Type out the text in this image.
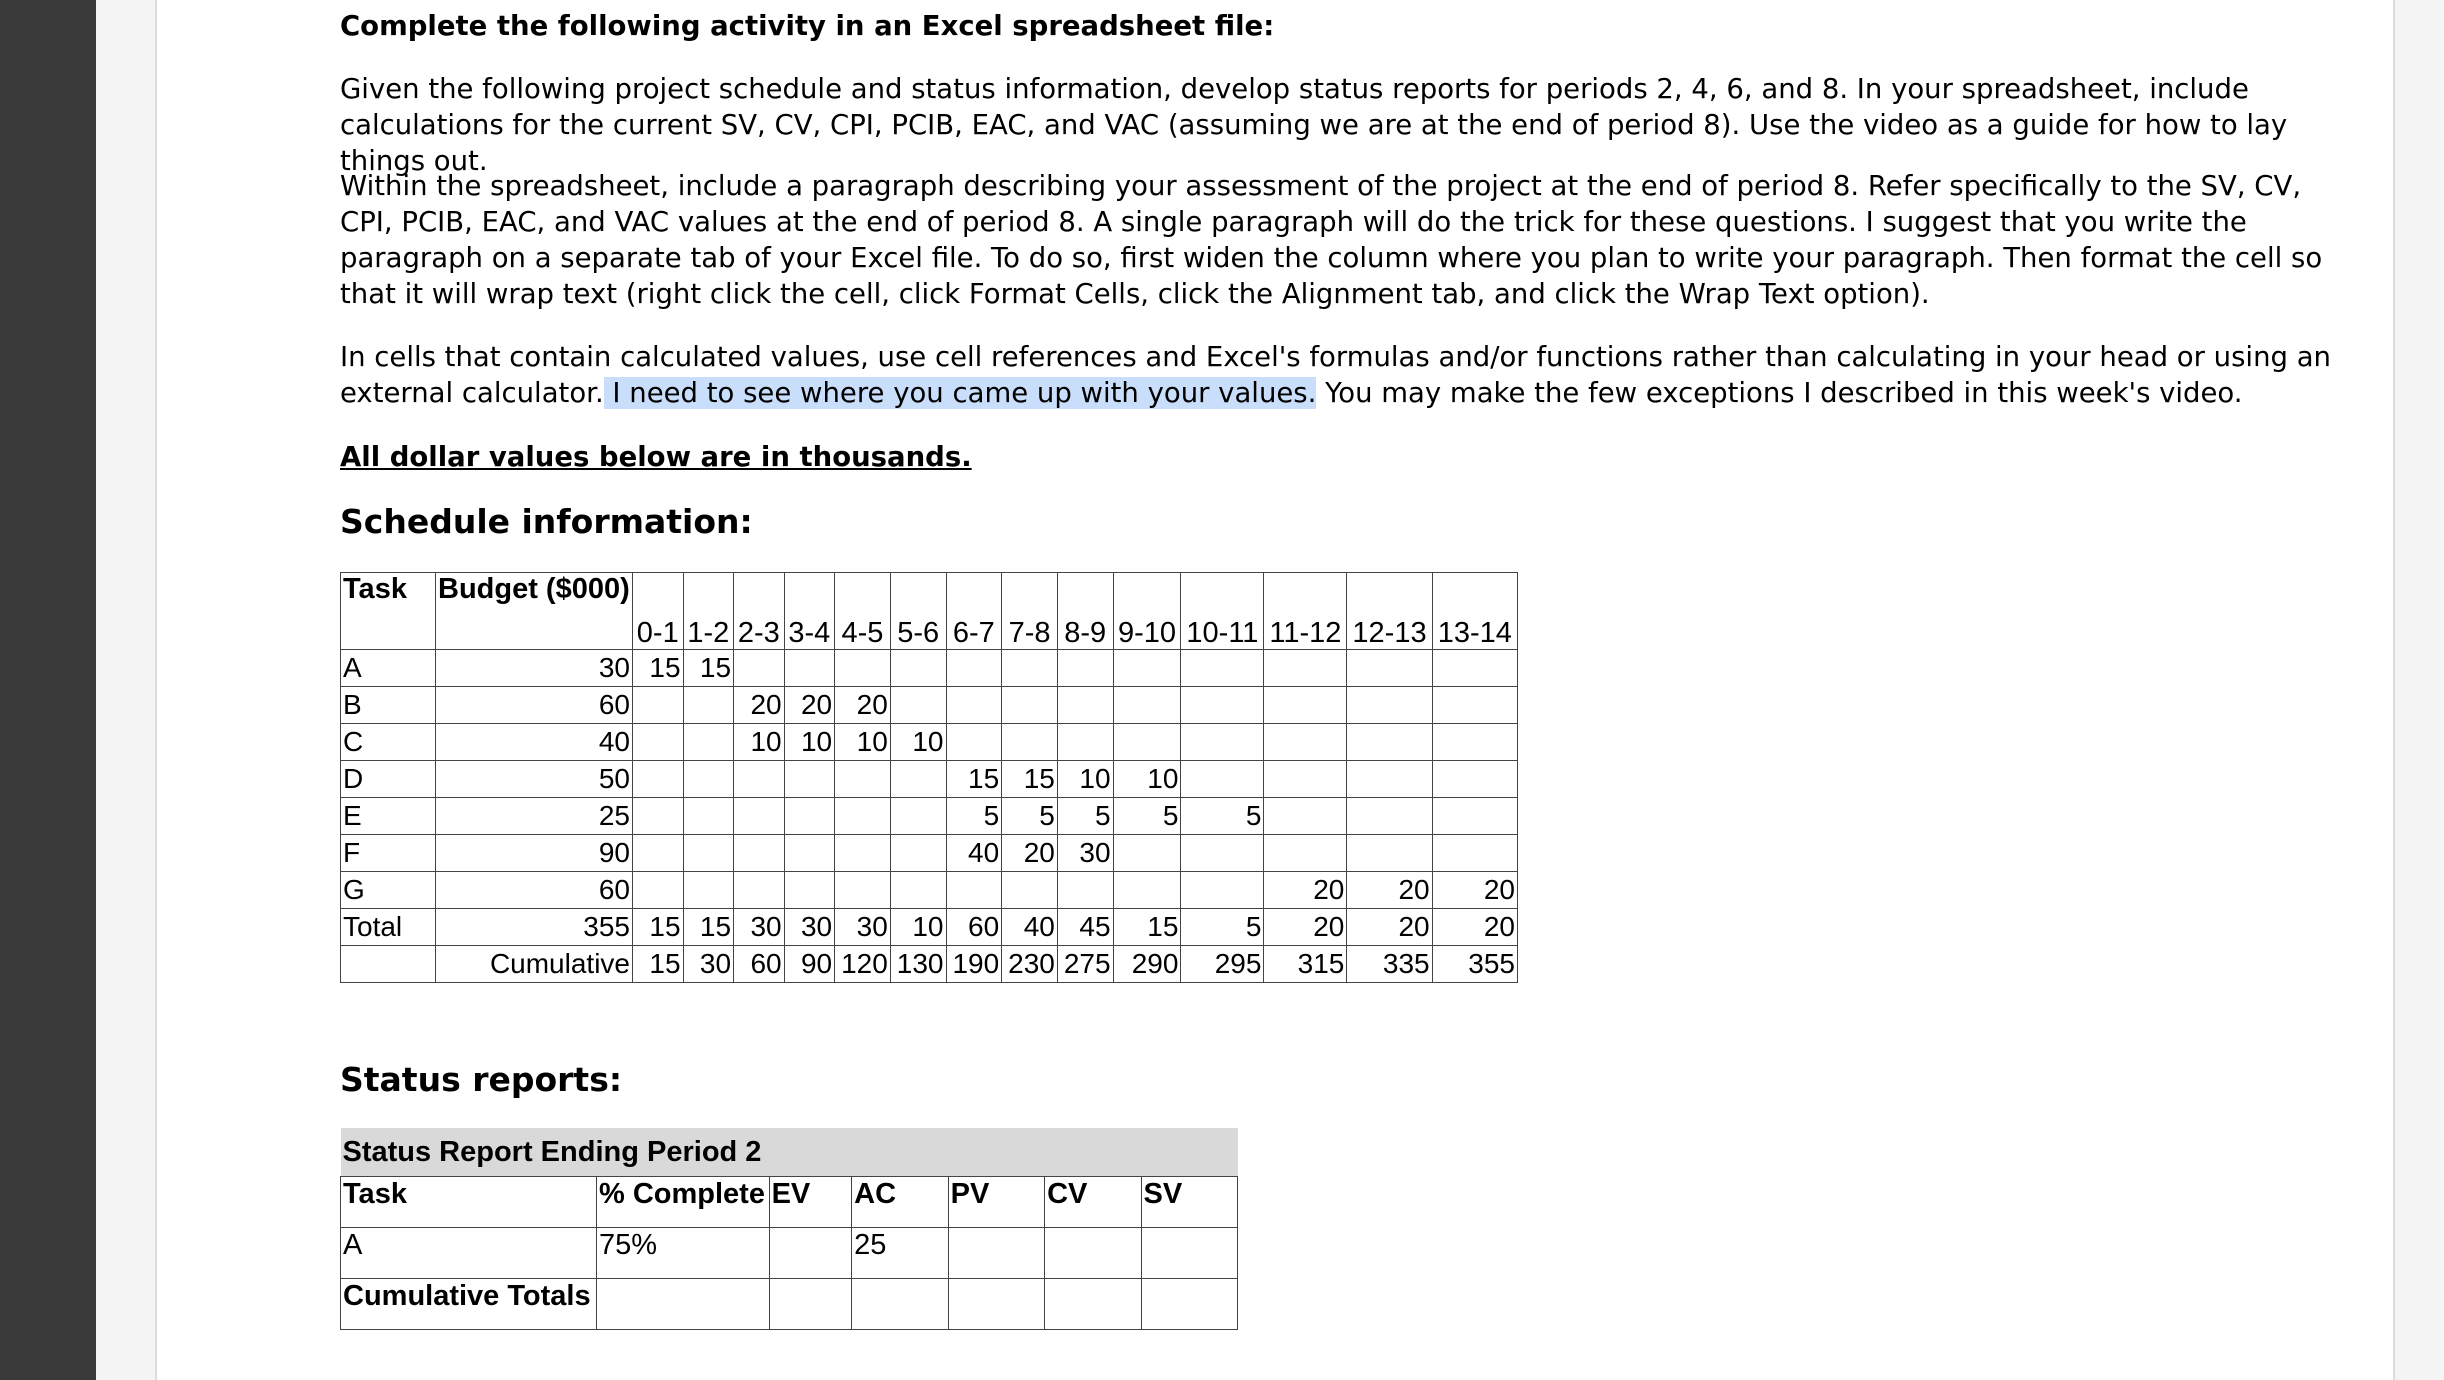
Complete the following activity in an Excel spreadsheet file:

Given the following project schedule and status information, develop status reports for periods 2, 4, 6, and 8. In your spreadsheet, include calculations for the current SV, CV, CPI, PCIB, EAC, and VAC (assuming we are at the end of period 8). Use the video as a guide for how to lay things out.

Within the spreadsheet, include a paragraph describing your assessment of the project at the end of period 8. Refer specifically to the SV, CV, CPI, PCIB, EAC, and VAC values at the end of period 8. A single paragraph will do the trick for these questions. I suggest that you write the paragraph on a separate tab of your Excel file. To do so, first widen the column where you plan to write your paragraph. Then format the cell so that it will wrap text (right click the cell, click Format Cells, click the Alignment tab, and click the Wrap Text option).

In cells that contain calculated values, use cell references and Excel's formulas and/or functions rather than calculating in your head or using an external calculator. I need to see where you came up with your values. You may make the few exceptions I described in this week's video.

All dollar values below are in thousands.

Schedule information:
Task	Budget ($000)	0-1	1-2	2-3	3-4	4-5	5-6	6-7	7-8	8-9	9-10	10-11	11-12	12-13	13-14
A	30	15	15												
B	60			20	20	20									
C	40			10	10	10	10								
D	50							15	15	10	10				
E	25							5	5	5	5	5			
F	90							40	20	30					
G	60												20	20	20
Total	355	15	15	30	30	30	10	60	40	45	15	5	20	20	20
	Cumulative	15	30	60	90	120	130	190	230	275	290	295	315	335	355
Status reports:
Status Report Ending Period 2						
Task	% Complete	EV	AC	PV	CV	SV
A	75%		25			
Cumulative Totals						
